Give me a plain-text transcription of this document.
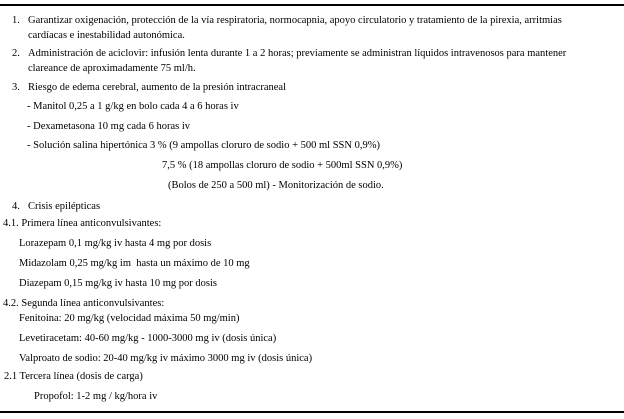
1. Garantizar oxigenación, protección de la vía respiratoria, normocapnia, apoyo circulatorio y tratamiento de la pirexia, arritmias
cardíacas e inestabilidad autonómica.
2. Administración de aciclovir: infusión lenta durante 1 a 2 horas; previamente se administran líquidos intravenosos para mantener
clareance de aproximadamente 75 ml/h.
3. Riesgo de edema cerebral, aumento de la presión intracraneal
- Manitol 0,25 a 1 g/kg en bolo cada 4 a 6 horas iv
- Dexametasona 10 mg cada 6 horas iv
- Solución salina hipertónica 3 % (9 ampollas cloruro de sodio + 500 ml SSN 0,9%)
7,5 % (18 ampollas cloruro de sodio + 500ml SSN 0,9%)
(Bolos de 250 a 500 ml) - Monitorización de sodio.
4. Crisis epilépticas
4.1. Primera línea anticonvulsivantes:
Lorazepam 0,1 mg/kg iv hasta 4 mg por dosis
Midazolam 0,25 mg/kg im  hasta un máximo de 10 mg
Diazepam 0,15 mg/kg iv hasta 10 mg por dosis
4.2. Segunda línea anticonvulsivantes:
Fenitoina: 20 mg/kg (velocidad máxima 50 mg/min)
Levetiracetam: 40-60 mg/kg - 1000-3000 mg iv (dosis única)
Valproato de sodio: 20-40 mg/kg iv máximo 3000 mg iv (dosis única)
2.1 Tercera línea (dosis de carga)
Propofol: 1-2 mg / kg/hora iv
